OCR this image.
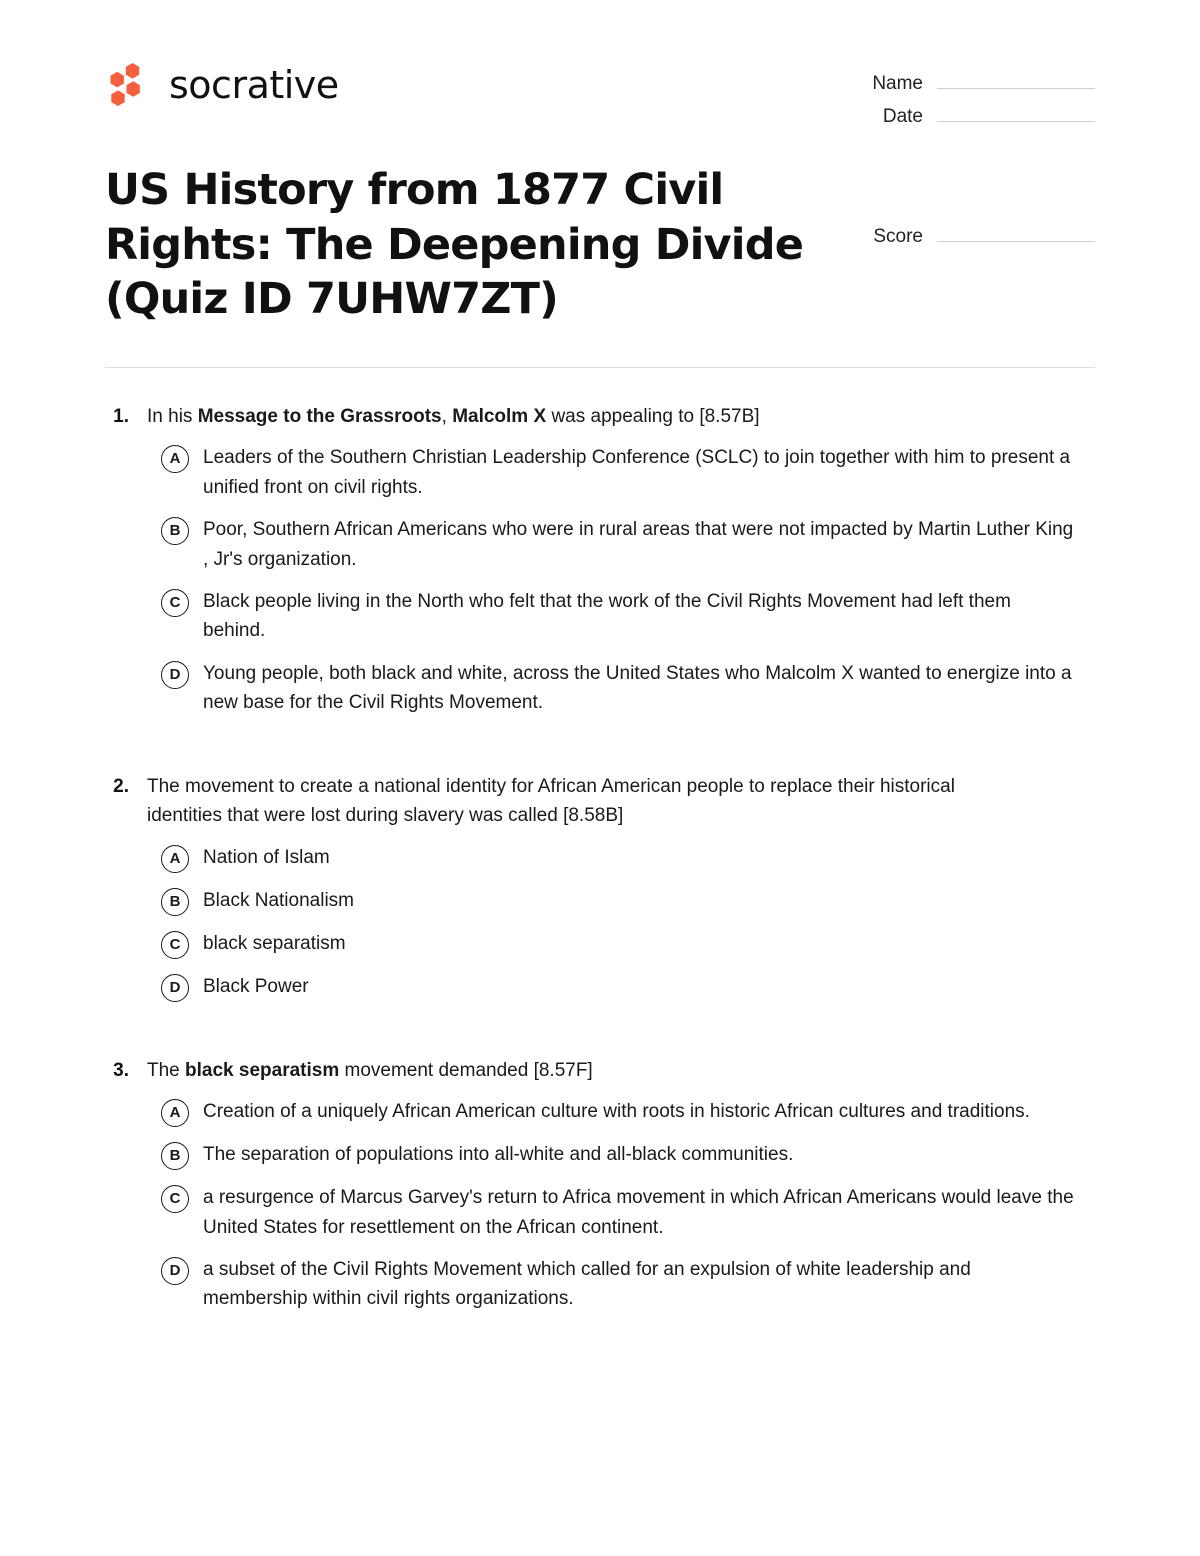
socrative	Name
Date
Score
US History from 1877 Civil Rights: The Deepening Divide (Quiz ID 7UHW7ZT)
1. In his Message to the Grassroots, Malcolm X was appealing to [8.57B]
A	Leaders of the Southern Christian Leadership Conference (SCLC) to join together with him to present a unified front on civil rights.
B	Poor, Southern African Americans who were in rural areas that were not impacted by Martin Luther King , Jr's organization.
C	Black people living in the North who felt that the work of the Civil Rights Movement had left them behind.
D	Young people, both black and white, across the United States who Malcolm X wanted to energize into a new base for the Civil Rights Movement.
2. The movement to create a national identity for African American people to replace their historical identities that were lost during slavery was called [8.58B]
A	Nation of Islam
B	Black Nationalism
C	black separatism
D	Black Power
3. The black separatism movement demanded [8.57F]
A	Creation of a uniquely African American culture with roots in historic African cultures and traditions.
B	The separation of populations into all-white and all-black communities.
C	a resurgence of Marcus Garvey's return to Africa movement in which African Americans would leave the United States for resettlement on the African continent.
D	a subset of the Civil Rights Movement which called for an expulsion of white leadership and membership within civil rights organizations.
